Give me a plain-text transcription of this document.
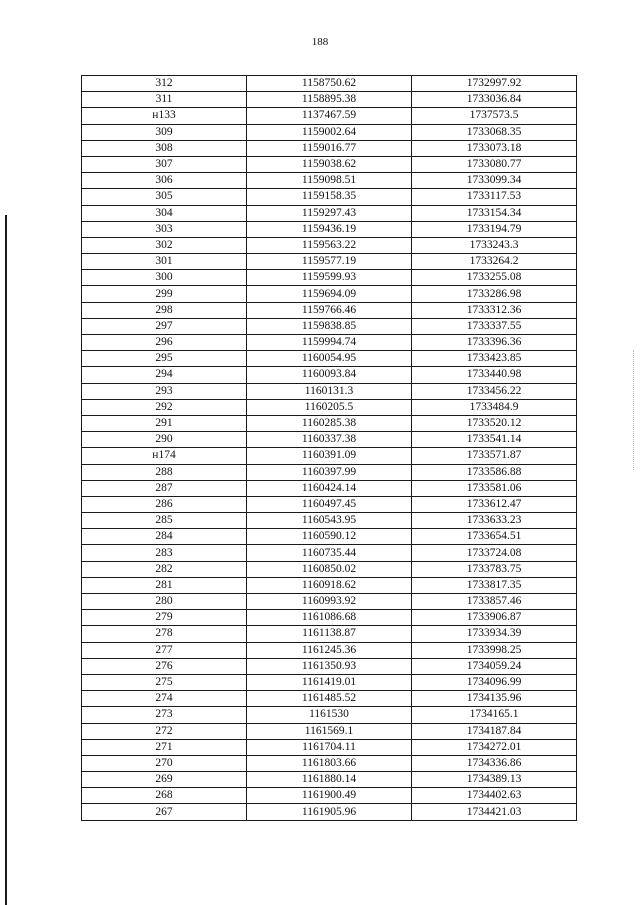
188
312	1158750.62	1732997.92
311	1158895.38	1733036.84
н133	1137467.59	1737573.5
309	1159002.64	1733068.35
308	1159016.77	1733073.18
307	1159038.62	1733080.77
306	1159098.51	1733099.34
305	1159158.35	1733117.53
304	1159297.43	1733154.34
303	1159436.19	1733194.79
302	1159563.22	1733243.3
301	1159577.19	1733264.2
300	1159599.93	1733255.08
299	1159694.09	1733286.98
298	1159766.46	1733312.36
297	1159838.85	1733337.55
296	1159994.74	1733396.36
295	1160054.95	1733423.85
294	1160093.84	1733440.98
293	1160131.3	1733456.22
292	1160205.5	1733484.9
291	1160285.38	1733520.12
290	1160337.38	1733541.14
н174	1160391.09	1733571.87
288	1160397.99	1733586.88
287	1160424.14	1733581.06
286	1160497.45	1733612.47
285	1160543.95	1733633.23
284	1160590.12	1733654.51
283	1160735.44	1733724.08
282	1160850.02	1733783.75
281	1160918.62	1733817.35
280	1160993.92	1733857.46
279	1161086.68	1733906.87
278	1161138.87	1733934.39
277	1161245.36	1733998.25
276	1161350.93	1734059.24
275	1161419.01	1734096.99
274	1161485.52	1734135.96
273	1161530	1734165.1
272	1161569.1	1734187.84
271	1161704.11	1734272.01
270	1161803.66	1734336.86
269	1161880.14	1734389.13
268	1161900.49	1734402.63
267	1161905.96	1734421.03
